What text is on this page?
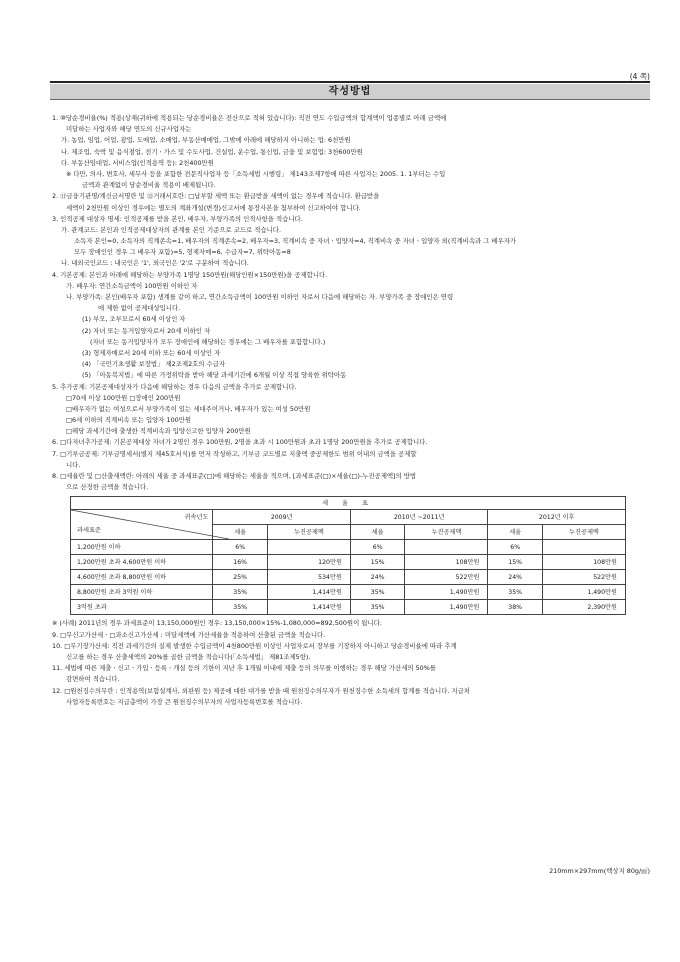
(4 쪽)
작성방법
1. ⑩당순경비율(%) 적용(상재(귀하에 적용되는 당순경비율은 전산으로 적혀 있습니다): 직전 연도 수입금액의 합계액이 업종별로 아래 금액에
미달하는 사업자와 해당 연도의 신규사업자는
가. 농업, 임업, 어업, 광업, 도매업, 소매업, 부동산매매업, 그밖에 아래에 해당하지 아니하는 업: 6천만원
나. 제조업, 숙박 및 음식점업, 전기ㆍ가스 및 수도사업, 건설업, 운수업, 통신업, 금융 및 보험업: 3천600만원
다. 부동산임대업, 서비스업(인적용역 등): 2천400만원
※ 다만, 의사, 변호사, 세무사 등을 포함한 전문직사업자 등「소득세법 시행령」 제143조제7항에 따른 사업자는 2005. 1. 1부터는 수입
금액과 관계없이 당순경비율 적용이 배제됩니다.
2. ⑪금융기관명/계신금서명란 및 ⑫거래서호란: □납부할 세액 또는 환급받을 세액이 없는 경우에 적습니다. 환급받을
세액이 2천만원 이상인 경우에는 별도의 계좌개설(변경)신고서에 통장사본을 첨부하여 신고하여야 합니다.
3. 인적공제 대상자 명세: 인적공제를 받을 본인, 배우자, 부양가족의 인적사항을 적습니다.
가. 관계코드: 본인과 인적공제대상자의 관계를 본인 기준으로 코드로 적습니다.
소득자 본인=0, 소득자의 직계존속=1, 배우자의 직계존속=2, 배우자=3, 직계비속 중 자녀ㆍ입양자=4, 직계비속 중 자녀ㆍ입양자 외(직계비속과 그 배우자가
모두 장애인인 경우 그 배우자 포함)=5, 형제자매=6, 수급자=7, 위탁아동=8
나. 내외국인코드 : 내국인은 '1', 외국인은 '2'로 구분하여 적습니다.
4. 기본공제: 본인과 아래에 해당하는 부양가족 1명당 150만원(해당인원×150만원)을 공제합니다.
가. 배우자: 연간소득금액이 100만원 이하인 자
나. 부양가족: 본인(배우자 포함) 생계를 같이 하고, 연간소득금액이 100만원 이하인 자로서 다음에 해당하는 자. 부양가족 중 장애인은 연령
에 제한 없이 공제대상입니다.
(1) 부모, 조부모로서 60세 이상인 자
(2) 자녀 또는 동거입양자로서 20세 이하인 자
(자녀 또는 동거입양자가 모두 장애인에 해당하는 경우에는 그 배우자를 포함합니다.)
(3) 형제자매로서 20세 이하 또는 60세 이상인 자
(4) 「국민기초생활 보장법」 제2조제2호의 수급자
(5) 「아동복지법」에 따른 가정위탁을 받아 해당 과세기간에 6개월 이상 직접 양육한 위탁아동
5. 추가공제: 기본공제대상자가 다음에 해당하는 경우 다음의 금액을 추가로 공제합니다.
□70세 이상 100만원 □장애인 200만원
□배우자가 없는 여성으로서 부양가족이 있는 세대주이거나, 배우자가 있는 여성 50만원
□6세 이하의 직계비속 또는 입양자 100만원
□해당 과세기간에 출생한 직계비속과 입양신고한 입양자 200만원
6. □다자녀추가공제: 기본공제대상 자녀가 2명인 경우 100만원, 2명을 초과 시 100만원과 초과 1명당 200만원을 추가로 공제합니다.
7. □기부금공제: 기부금명세서(별지 제45호서식)를 먼저 작성하고, 기부금 코드별로 지출액 중공제한도 범위 이내의 금액을 공제할
니다.
8. □세율란 및 □산출세액란: 아래의 세율 중 과세표준(□)에 해당하는 세율을 적으며, [과세표준(□)×세율(□)-누진공제액]의 방법
으로 산정한 금액을 적습니다.
세 율 표						

귀속년도
과세표준	2009년		2010년 ~2011년		2012년 이후	
	세율	누진공제액	세율	누진공제액	세율	누진공제액
1,200만원 이하	6%		6%		6%	
1,200만원 초과 4,600만원 이하	16%	120만원	15%	108만원	15%	108만원
4,600만원 초과 8,800만원 이하	25%	534만원	24%	522만원	24%	522만원
8,800만원 초과 3억원 이하	35%	1,414만원	35%	1,490만원	35%	1,490만원
3억원 초과	35%	1,414만원	35%	1,490만원	38%	2,390만원
※ (사례) 2011년의 경우 과세표준이 13,150,000원인 경우: 13,150,000×15%-1,080,000=892,500원이 됩니다.
9. □무신고가산세ㆍ□과소신고가산세 : 미달세액에 가산세율을 적용하여 산출된 금액을 적습니다.
10. □무기장가산세: 직전 과세기간의 실제 발생한 수입금액이 4천800만원 이상인 사업자로서 장부를 기장하지 아니하고 당순경비율에 따라 추계
신고를 하는 경우 산출세액의 20%를 곱한 금액을 적습니다(「소득세법」 제81조제5항).
11. 세법에 따른 제출ㆍ신고ㆍ가입ㆍ등록ㆍ개설 등의 기한이 지난 후 1개월 이내에 제출 등의 의무를 이행하는 경우 해당 가산세의 50%를
감면하여 적습니다.
12. □원천징수의무란 : 인적용역(보험설계사, 외판원 등) 제공에 대한 대가를 받을 때 원천징수의무자가 원천징수한 소득세의 합계를 적습니다. 지급처
사업자등록번호는 지급총액이 가장 큰 원천징수의무자의 사업자등록번호를 적습니다.
210mm×297mm(백상지 80g/㎡)
